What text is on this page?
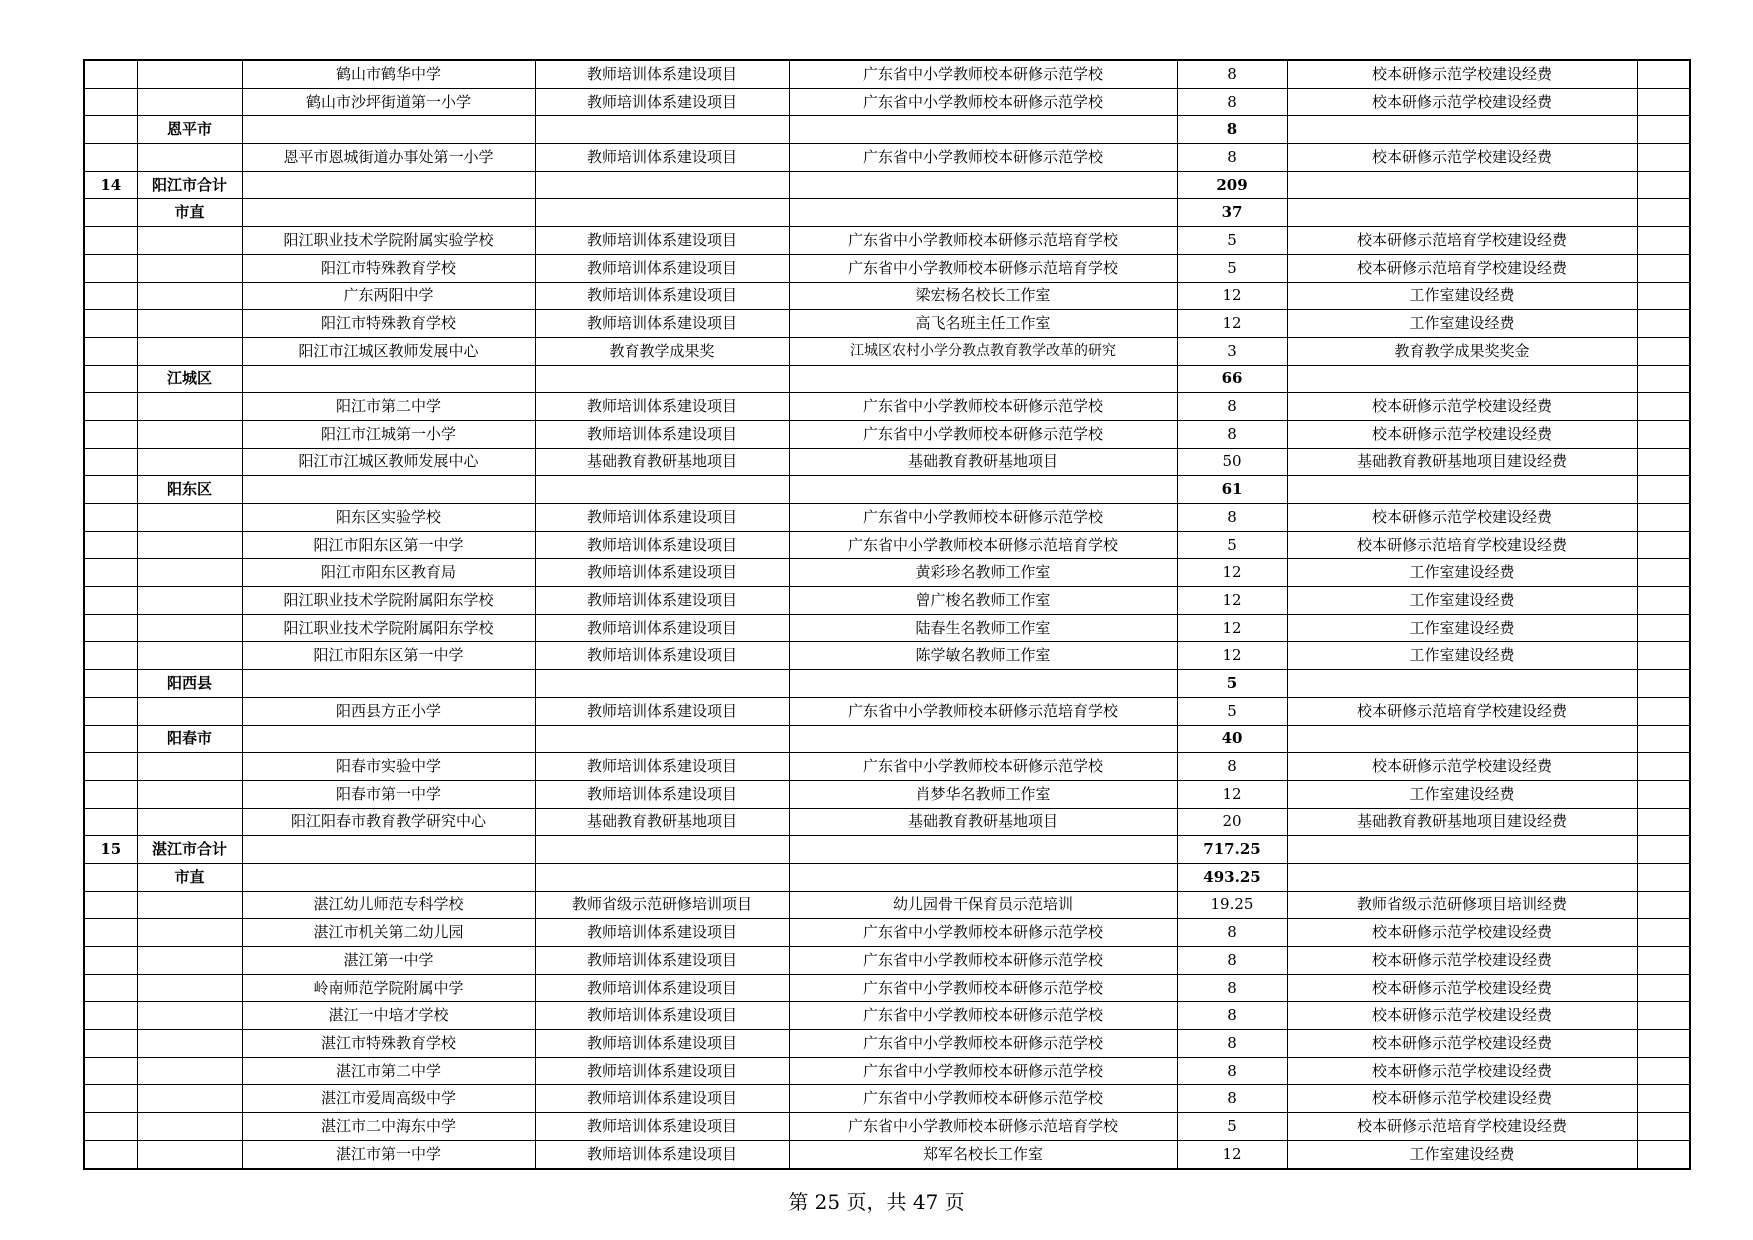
		鹤山市鹤华中学	教师培训体系建设项目	广东省中小学教师校本研修示范学校	8	校本研修示范学校建设经费	
		鹤山市沙坪街道第一小学	教师培训体系建设项目	广东省中小学教师校本研修示范学校	8	校本研修示范学校建设经费	
	恩平市				8		
		恩平市恩城街道办事处第一小学	教师培训体系建设项目	广东省中小学教师校本研修示范学校	8	校本研修示范学校建设经费	
14	阳江市合计				209		
	市直				37		
		阳江职业技术学院附属实验学校	教师培训体系建设项目	广东省中小学教师校本研修示范培育学校	5	校本研修示范培育学校建设经费	
		阳江市特殊教育学校	教师培训体系建设项目	广东省中小学教师校本研修示范培育学校	5	校本研修示范培育学校建设经费	
		广东两阳中学	教师培训体系建设项目	梁宏杨名校长工作室	12	工作室建设经费	
		阳江市特殊教育学校	教师培训体系建设项目	高飞名班主任工作室	12	工作室建设经费	
		阳江市江城区教师发展中心	教育教学成果奖	江城区农村小学分教点教育教学改革的研究	3	教育教学成果奖奖金	
	江城区				66		
		阳江市第二中学	教师培训体系建设项目	广东省中小学教师校本研修示范学校	8	校本研修示范学校建设经费	
		阳江市江城第一小学	教师培训体系建设项目	广东省中小学教师校本研修示范学校	8	校本研修示范学校建设经费	
		阳江市江城区教师发展中心	基础教育教研基地项目	基础教育教研基地项目	50	基础教育教研基地项目建设经费	
	阳东区				61		
		阳东区实验学校	教师培训体系建设项目	广东省中小学教师校本研修示范学校	8	校本研修示范学校建设经费	
		阳江市阳东区第一中学	教师培训体系建设项目	广东省中小学教师校本研修示范培育学校	5	校本研修示范培育学校建设经费	
		阳江市阳东区教育局	教师培训体系建设项目	黄彩珍名教师工作室	12	工作室建设经费	
		阳江职业技术学院附属阳东学校	教师培训体系建设项目	曾广梭名教师工作室	12	工作室建设经费	
		阳江职业技术学院附属阳东学校	教师培训体系建设项目	陆春生名教师工作室	12	工作室建设经费	
		阳江市阳东区第一中学	教师培训体系建设项目	陈学敏名教师工作室	12	工作室建设经费	
	阳西县				5		
		阳西县方正小学	教师培训体系建设项目	广东省中小学教师校本研修示范培育学校	5	校本研修示范培育学校建设经费	
	阳春市				40		
		阳春市实验中学	教师培训体系建设项目	广东省中小学教师校本研修示范学校	8	校本研修示范学校建设经费	
		阳春市第一中学	教师培训体系建设项目	肖梦华名教师工作室	12	工作室建设经费	
		阳江阳春市教育教学研究中心	基础教育教研基地项目	基础教育教研基地项目	20	基础教育教研基地项目建设经费	
15	湛江市合计				717.25		
	市直				493.25		
		湛江幼儿师范专科学校	教师省级示范研修培训项目	幼儿园骨干保育员示范培训	19.25	教师省级示范研修项目培训经费	
		湛江市机关第二幼儿园	教师培训体系建设项目	广东省中小学教师校本研修示范学校	8	校本研修示范学校建设经费	
		湛江第一中学	教师培训体系建设项目	广东省中小学教师校本研修示范学校	8	校本研修示范学校建设经费	
		岭南师范学院附属中学	教师培训体系建设项目	广东省中小学教师校本研修示范学校	8	校本研修示范学校建设经费	
		湛江一中培才学校	教师培训体系建设项目	广东省中小学教师校本研修示范学校	8	校本研修示范学校建设经费	
		湛江市特殊教育学校	教师培训体系建设项目	广东省中小学教师校本研修示范学校	8	校本研修示范学校建设经费	
		湛江市第二中学	教师培训体系建设项目	广东省中小学教师校本研修示范学校	8	校本研修示范学校建设经费	
		湛江市爱周高级中学	教师培训体系建设项目	广东省中小学教师校本研修示范学校	8	校本研修示范学校建设经费	
		湛江市二中海东中学	教师培训体系建设项目	广东省中小学教师校本研修示范培育学校	5	校本研修示范培育学校建设经费	
		湛江市第一中学	教师培训体系建设项目	郑军名校长工作室	12	工作室建设经费	
第 25 页，共 47 页
